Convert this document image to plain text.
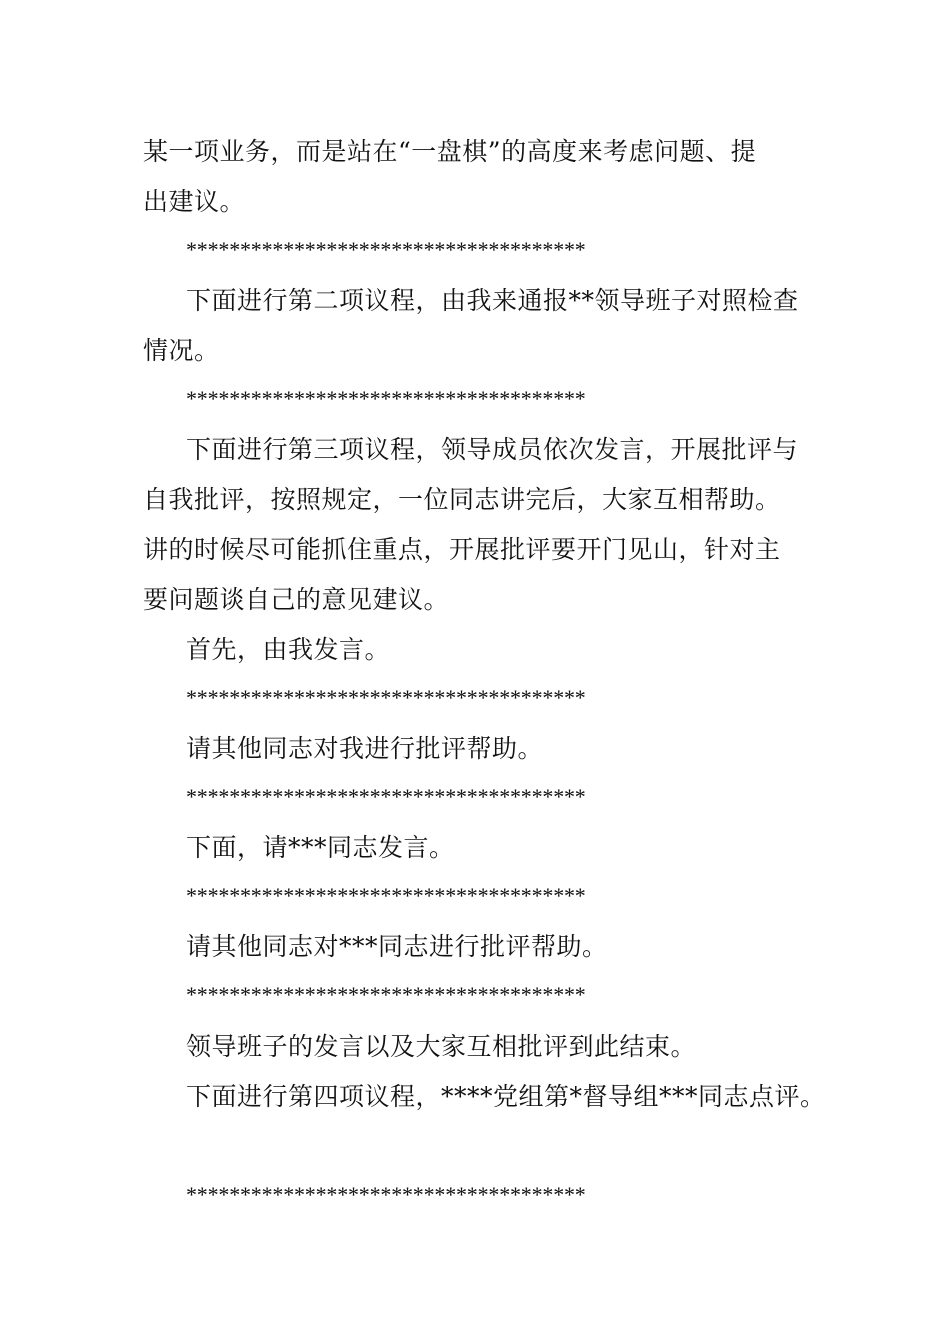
某一项业务，而是站在“一盘棋”的高度来考虑问题、提
出建议。
*************************************
下面进行第二项议程，由我来通报**领导班子对照检查
情况。
*************************************
下面进行第三项议程，领导成员依次发言，开展批评与
自我批评，按照规定，一位同志讲完后，大家互相帮助。
讲的时候尽可能抓住重点，开展批评要开门见山，针对主
要问题谈自己的意见建议。
首先，由我发言。
*************************************
请其他同志对我进行批评帮助。
*************************************
下面，请***同志发言。
*************************************
请其他同志对***同志进行批评帮助。
*************************************
领导班子的发言以及大家互相批评到此结束。
下面进行第四项议程，****党组第*督导组***同志点评。
*************************************
